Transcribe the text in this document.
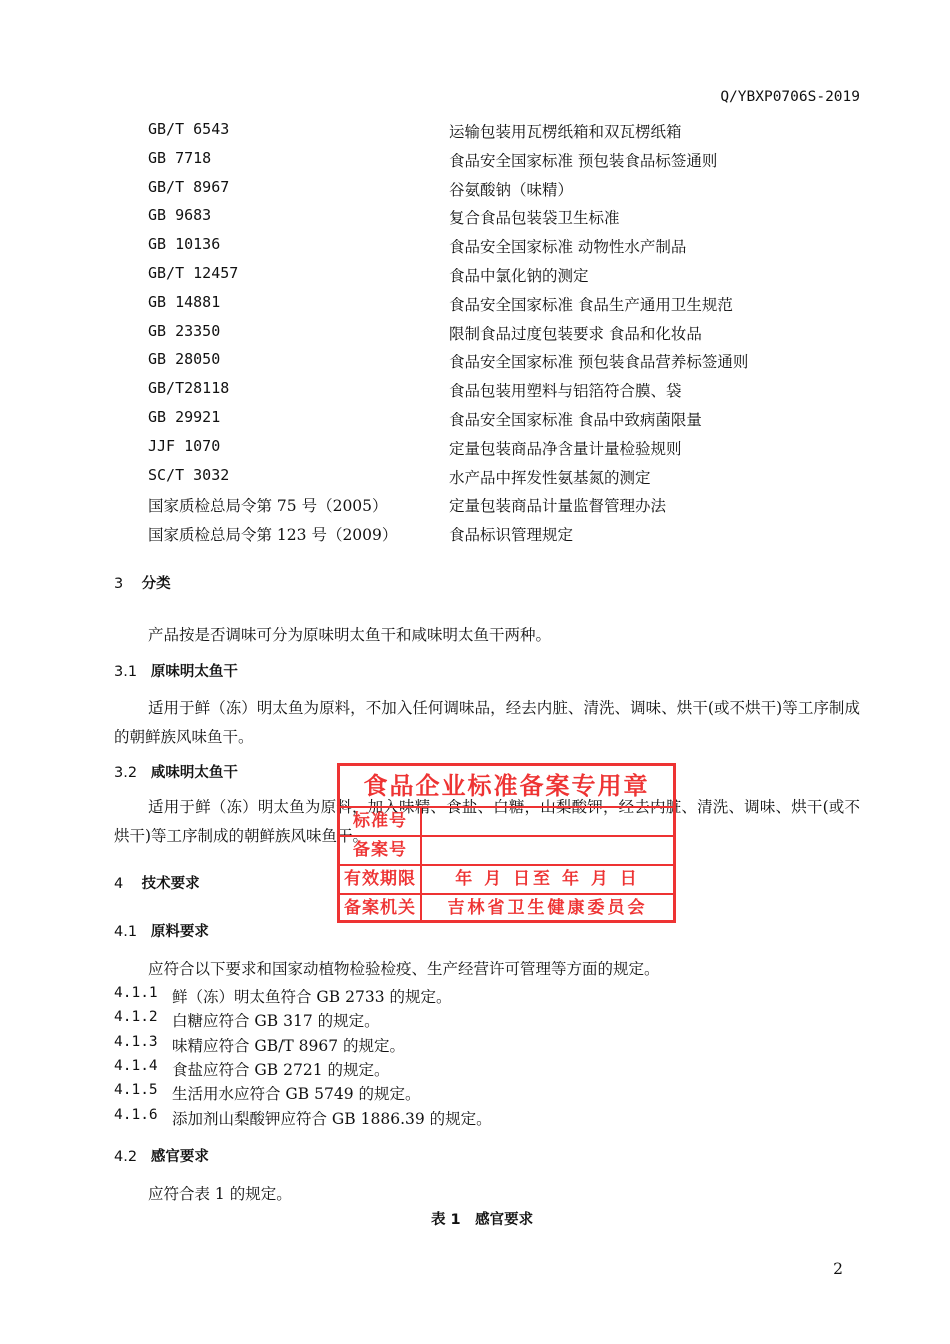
Q/YBXP0706S-2019
GB/T 6543	运输包装用瓦楞纸箱和双瓦楞纸箱
GB 7718	食品安全国家标准 预包装食品标签通则
GB/T 8967	谷氨酸钠（味精）
GB 9683	复合食品包装袋卫生标准
GB 10136	食品安全国家标准 动物性水产制品
GB/T 12457	食品中氯化钠的测定
GB 14881	食品安全国家标准 食品生产通用卫生规范
GB 23350	限制食品过度包装要求 食品和化妆品
GB 28050	食品安全国家标准 预包装食品营养标签通则
GB/T28118	食品包装用塑料与铝箔符合膜、袋
GB 29921	食品安全国家标准 食品中致病菌限量
JJF 1070	定量包装商品净含量计量检验规则
SC/T 3032	水产品中挥发性氨基氮的测定
国家质检总局令第 75 号（2005）	定量包装商品计量监督管理办法
国家质检总局令第 123 号（2009）	食品标识管理规定
3 分类
产品按是否调味可分为原味明太鱼干和咸味明太鱼干两种。
3.1 原味明太鱼干
适用于鲜（冻）明太鱼为原料，不加入任何调味品，经去内脏、清洗、调味、烘干(或不烘干)等工序制成的朝鲜族风味鱼干。
3.2 咸味明太鱼干
适用于鲜（冻）明太鱼为原料，加入味精、食盐、白糖，山梨酸钾，经去内脏、清洗、调味、烘干(或不烘干)等工序制成的朝鲜族风味鱼干。
4 技术要求
4.1 原料要求
应符合以下要求和国家动植物检验检疫、生产经营许可管理等方面的规定。
4.1.1 鲜（冻）明太鱼符合 GB 2733 的规定。
4.1.2 白糖应符合 GB 317 的规定。
4.1.3 味精应符合 GB/T 8967 的规定。
4.1.4 食盐应符合 GB 2721 的规定。
4.1.5 生活用水应符合 GB 5749 的规定。
4.1.6 添加剂山梨酸钾应符合 GB 1886.39 的规定。
4.2 感官要求
应符合表 1 的规定。
表 1　感官要求
食品企业标准备案专用章
标准号
备案号
有效期限	年 月 日至 年 月 日
备案机关	吉林省卫生健康委员会
2
